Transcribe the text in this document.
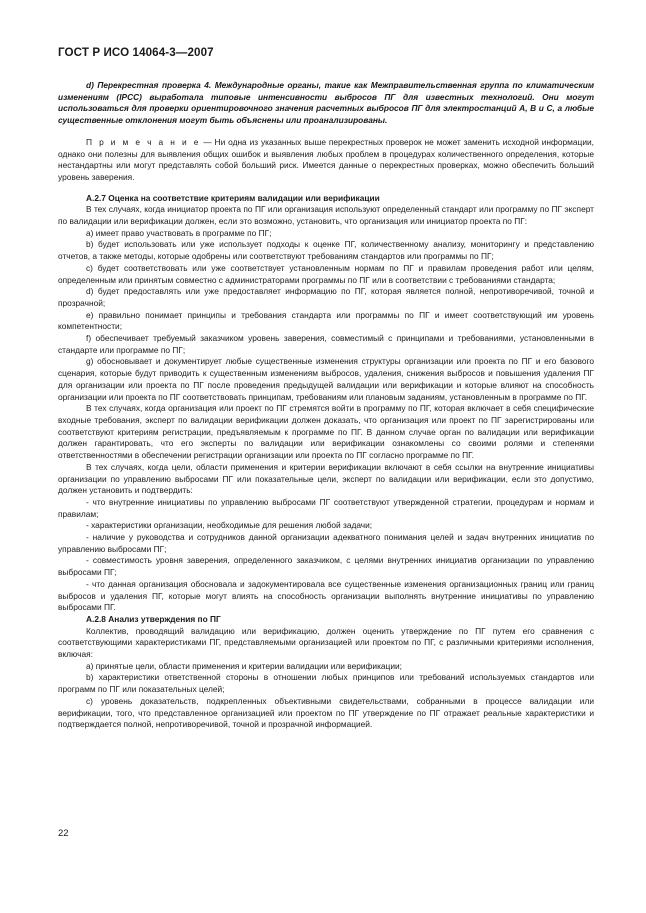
ГОСТ Р ИСО 14064-3—2007

d) Перекрестная проверка 4. Международные органы, такие как Межправительственная группа по климатическим изменениям (IPCC) выработала типовые интенсивности выбросов ПГ для известных технологий. Они могут использоваться для проверки ориентировочного значения расчетных выбросов ПГ для электростанций А, В и С, а любые существенные отклонения могут быть объяснены или проанализированы.

П р и м е ч а н и е — Ни одна из указанных выше перекрестных проверок не может заменить исходной информации, однако они полезны для выявления общих ошибок и выявления любых проблем в процедурах количественного определения, которые нестандартны или могут представлять собой больший риск. Имеется данные о перекрестных проверках, можно обеспечить больший уровень заверения.

А.2.7 Оценка на соответствие критериям валидации или верификации

В тех случаях, когда инициатор проекта по ПГ или организация используют определенный стандарт или программу по ПГ эксперт по валидации или верификации должен, если это возможно, установить, что организация или инициатор проекта по ПГ:

а) имеет право участвовать в программе по ПГ;

b) будет использовать или уже использует подходы к оценке ПГ, количественному анализу, мониторингу и представлению отчетов, а также методы, которые одобрены или соответствуют требованиям стандартов или программы по ПГ;

с) будет соответствовать или уже соответствует установленным нормам по ПГ и правилам проведения работ или целям, определенным или принятым совместно с администраторами программы по ПГ или в соответствии с требованиями стандарта;

d) будет предоставлять или уже предоставляет информацию по ПГ, которая является полной, непротиворечивой, точной и прозрачной;

е) правильно понимает принципы и требования стандарта или программы по ПГ и имеет соответствующий им уровень компетентности;

f) обеспечивает требуемый заказчиком уровень заверения, совместимый с принципами и требованиями, установленными в стандарте или программе по ПГ;

g) обосновывает и документирует любые существенные изменения структуры организации или проекта по ПГ и его базового сценария, которые будут приводить к существенным изменениям выбросов, удаления, снижения выбросов и повышения удаления ПГ для организации или проекта по ПГ после проведения предыдущей валидации или верификации и которые влияют на способность организации или проекта по ПГ соответствовать принципам, требованиям или плановым заданиям, установленным в программе по ПГ.

В тех случаях, когда организация или проект по ПГ стремятся войти в программу по ПГ, которая включает в себя специфические входные требования, эксперт по валидации верификации должен доказать, что организация или проект по ПГ зарегистрированы или соответствуют критериям регистрации, предъявляемым к программе по ПГ. В данном случае орган по валидации или верификации должен гарантировать, что его эксперты по валидации или верификации ознакомлены со своими ролями и степенями ответственностями в обеспечении регистрации организации или проекта по ПГ согласно программе по ПГ.

В тех случаях, когда цели, области применения и критерии верификации включают в себя ссылки на внутренние инициативы организации по управлению выбросами ПГ или показательные цели, эксперт по валидации или верификации, если это допустимо, должен установить и подтвердить:

- что внутренние инициативы по управлению выбросами ПГ соответствуют утвержденной стратегии, процедурам и нормам и правилам;

- характеристики организации, необходимые для решения любой задачи;

- наличие у руководства и сотрудников данной организации адекватного понимания целей и задач внутренних инициатив по управлению выбросами ПГ;

- совместимость уровня заверения, определенного заказчиком, с целями внутренних инициатив организации по управлению выбросами ПГ;

- что данная организация обосновала и задокументировала все существенные изменения организационных границ или границ выбросов и удаления ПГ, которые могут влиять на способность организации выполнять внутренние инициативы по управлению выбросами ПГ.

А.2.8 Анализ утверждения по ПГ

Коллектив, проводящий валидацию или верификацию, должен оценить утверждение по ПГ путем его сравнения с соответствующими характеристиками ПГ, представляемыми организацией или проектом по ПГ, с различными критериями исполнения, включая:

а) принятые цели, области применения и критерии валидации или верификации;

b) характеристики ответственной стороны в отношении любых принципов или требований используемых стандартов или программ по ПГ или показательных целей;

с) уровень доказательств, подкрепленных объективными свидетельствами, собранными в процессе валидации или верификации, того, что представленное организацией или проектом по ПГ утверждение по ПГ отражает реальные характеристики и подтверждается полной, непротиворечивой, точной и прозрачной информацией.

22
